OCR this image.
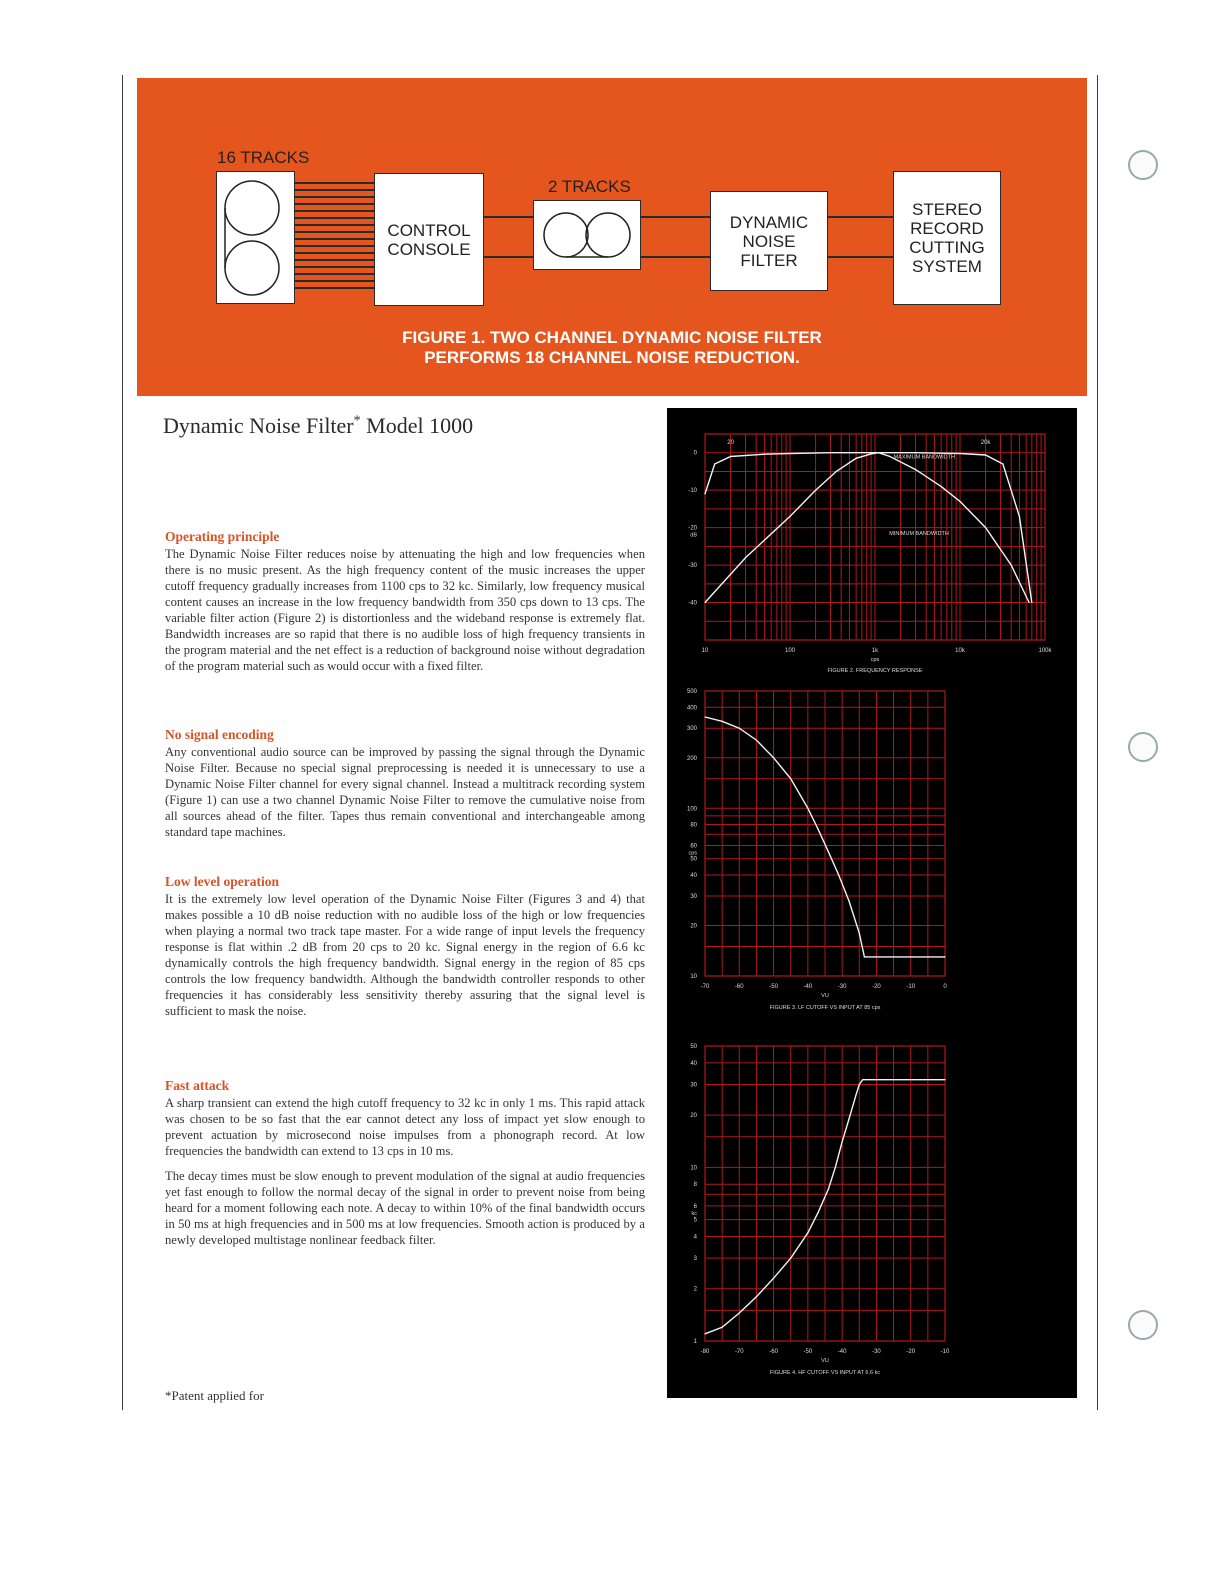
16 TRACKS
CONTROL
CONSOLE
2 TRACKS
DYNAMIC
NOISE
FILTER
STEREO
RECORD
CUTTING
SYSTEM
FIGURE 1. TWO CHANNEL DYNAMIC NOISE FILTER
PERFORMS 18 CHANNEL NOISE REDUCTION.
Dynamic Noise Filter* Model 1000
Operating principle

The Dynamic Noise Filter reduces noise by attenuating the high and low frequencies when there is no music present. As the high frequency content of the music increases the upper cutoff frequency gradually increases from 1100 cps to 32 kc. Similarly, low frequency musical content causes an increase in the low frequency bandwidth from 350 cps down to 13 cps. The variable filter action (Figure 2) is distortionless and the wideband response is extremely flat. Bandwidth increases are so rapid that there is no audible loss of high frequency transients in the program material and the net effect is a reduction of background noise without degradation of the program material such as would occur with a fixed filter.

No signal encoding

Any conventional audio source can be improved by passing the signal through the Dynamic Noise Filter. Because no special signal preprocessing is needed it is unnecessary to use a Dynamic Noise Filter channel for every signal channel. Instead a multitrack recording system (Figure 1) can use a two channel Dynamic Noise Filter to remove the cumulative noise from all sources ahead of the filter. Tapes thus remain conventional and interchangeable among standard tape machines.

Low level operation

It is the extremely low level operation of the Dynamic Noise Filter (Figures 3 and 4) that makes possible a 10 dB noise reduction with no audible loss of the high or low frequencies when playing a normal two track tape master. For a wide range of input levels the frequency response is flat within .2 dB from 20 cps to 20 kc. Signal energy in the region of 6.6 kc dynamically controls the high frequency bandwidth. Signal energy in the region of 85 cps controls the low frequency bandwidth. Although the bandwidth controller responds to other frequencies it has considerably less sensitivity thereby assuring that the signal level is sufficient to mask the noise.

Fast attack

A sharp transient can extend the high cutoff frequency to 32 kc in only 1 ms. This rapid attack was chosen to be so fast that the ear cannot detect any loss of impact yet slow enough to prevent actuation by microsecond noise impulses from a phonograph record. At low frequencies the bandwidth can extend to 13 cps in 10 ms.

The decay times must be slow enough to prevent modulation of the signal at audio frequencies yet fast enough to follow the normal decay of the signal in order to prevent noise from being heard for a moment following each note. A decay to within 10% of the final bandwidth occurs in 50 ms at high frequencies and in 500 ms at low frequencies. Smooth action is produced by a newly developed multistage nonlinear feedback filter.

*Patent applied for
10	100	1k	10k	100k
0
-10
-20
-30
-40
cps
dB
FIGURE 2. FREQUENCY RESPONSE
20	20k
MAXIMUM BANDWIDTH
MINIMUM BANDWIDTH
-70	-60	-50	-40	-30	-20	-10	0
500
400
300
200
100
80
60
50
40
30
20
10
VU
cps
FIGURE 3. LF CUTOFF VS INPUT AT 85 cps
-80	-70	-60	-50	-40	-30	-20	-10
50
40
30
20
10
8
6
5
4
3
2
1
VU
kc
FIGURE 4. HF CUTOFF VS INPUT AT 6.6 kc
